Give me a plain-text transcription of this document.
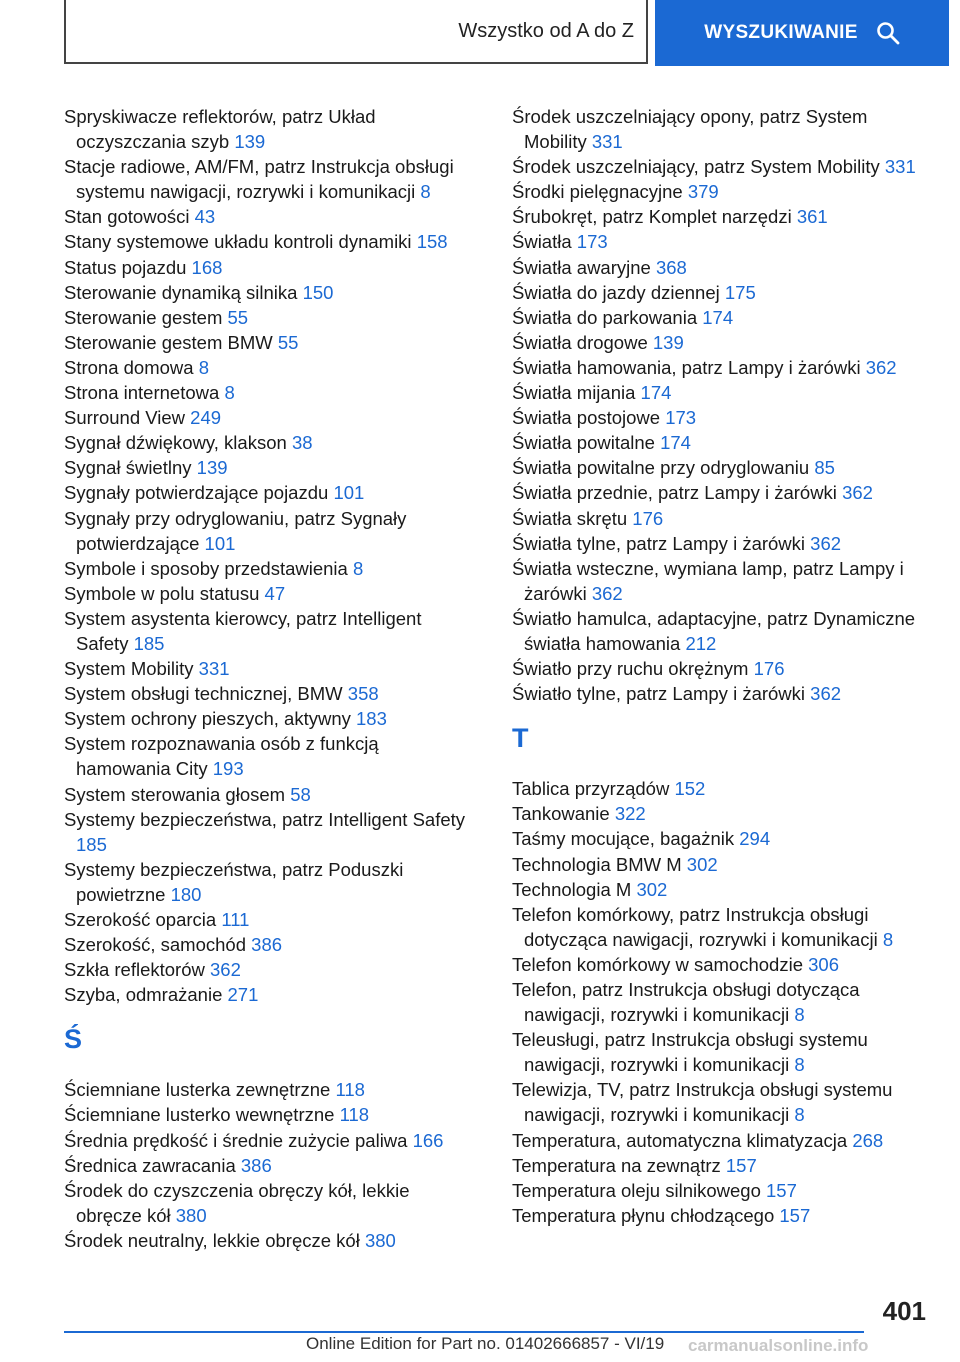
Wszystko od A do Z	WYSZUKIWANIE
Spryskiwacze reflektorów, patrz Układ oczyszczania szyb 139
Stacje radiowe, AM/FM, patrz Instrukcja obsługi systemu nawigacji, rozrywki i komunikacji 8
Stan gotowości 43
Stany systemowe układu kontroli dynamiki 158
Status pojazdu 168
Sterowanie dynamiką silnika 150
Sterowanie gestem 55
Sterowanie gestem BMW 55
Strona domowa 8
Strona internetowa 8
Surround View 249
Sygnał dźwiękowy, klakson 38
Sygnał świetlny 139
Sygnały potwierdzające pojazdu 101
Sygnały przy odryglowaniu, patrz Sygnały potwierdzające 101
Symbole i sposoby przedstawienia 8
Symbole w polu statusu 47
System asystenta kierowcy, patrz Intelligent Safety 185
System Mobility 331
System obsługi technicznej, BMW 358
System ochrony pieszych, aktywny 183
System rozpoznawania osób z funkcją hamowania City 193
System sterowania głosem 58
Systemy bezpieczeństwa, patrz Intelligent Safety 185
Systemy bezpieczeństwa, patrz Poduszki powietrzne 180
Szerokość oparcia 111
Szerokość, samochód 386
Szkła reflektorów 362
Szyba, odmrażanie 271
Ś
Ściemniane lusterka zewnętrzne 118
Ściemniane lusterko wewnętrzne 118
Średnia prędkość i średnie zużycie paliwa 166
Średnica zawracania 386
Środek do czyszczenia obręczy kół, lekkie obręcze kół 380
Środek neutralny, lekkie obręcze kół 380
Środek uszczelniający opony, patrz System Mobility 331
Środek uszczelniający, patrz System Mobility 331
Środki pielęgnacyjne 379
Śrubokręt, patrz Komplet narzędzi 361
Światła 173
Światła awaryjne 368
Światła do jazdy dziennej 175
Światła do parkowania 174
Światła drogowe 139
Światła hamowania, patrz Lampy i żarówki 362
Światła mijania 174
Światła postojowe 173
Światła powitalne 174
Światła powitalne przy odryglowaniu 85
Światła przednie, patrz Lampy i żarówki 362
Światła skrętu 176
Światła tylne, patrz Lampy i żarówki 362
Światła wsteczne, wymiana lamp, patrz Lampy i żarówki 362
Światło hamulca, adaptacyjne, patrz Dynamiczne światła hamowania 212
Światło przy ruchu okrężnym 176
Światło tylne, patrz Lampy i żarówki 362
T
Tablica przyrządów 152
Tankowanie 322
Taśmy mocujące, bagażnik 294
Technologia BMW M 302
Technologia M 302
Telefon komórkowy, patrz Instrukcja obsługi dotycząca nawigacji, rozrywki i komunikacji 8
Telefon komórkowy w samochodzie 306
Telefon, patrz Instrukcja obsługi dotycząca nawigacji, rozrywki i komunikacji 8
Teleusługi, patrz Instrukcja obsługi systemu nawigacji, rozrywki i komunikacji 8
Telewizja, TV, patrz Instrukcja obsługi systemu nawigacji, rozrywki i komunikacji 8
Temperatura, automatyczna klimatyzacja 268
Temperatura na zewnątrz 157
Temperatura oleju silnikowego 157
Temperatura płynu chłodzącego 157
401
Online Edition for Part no. 01402666857 - VI/19 carmanualsonline.info
